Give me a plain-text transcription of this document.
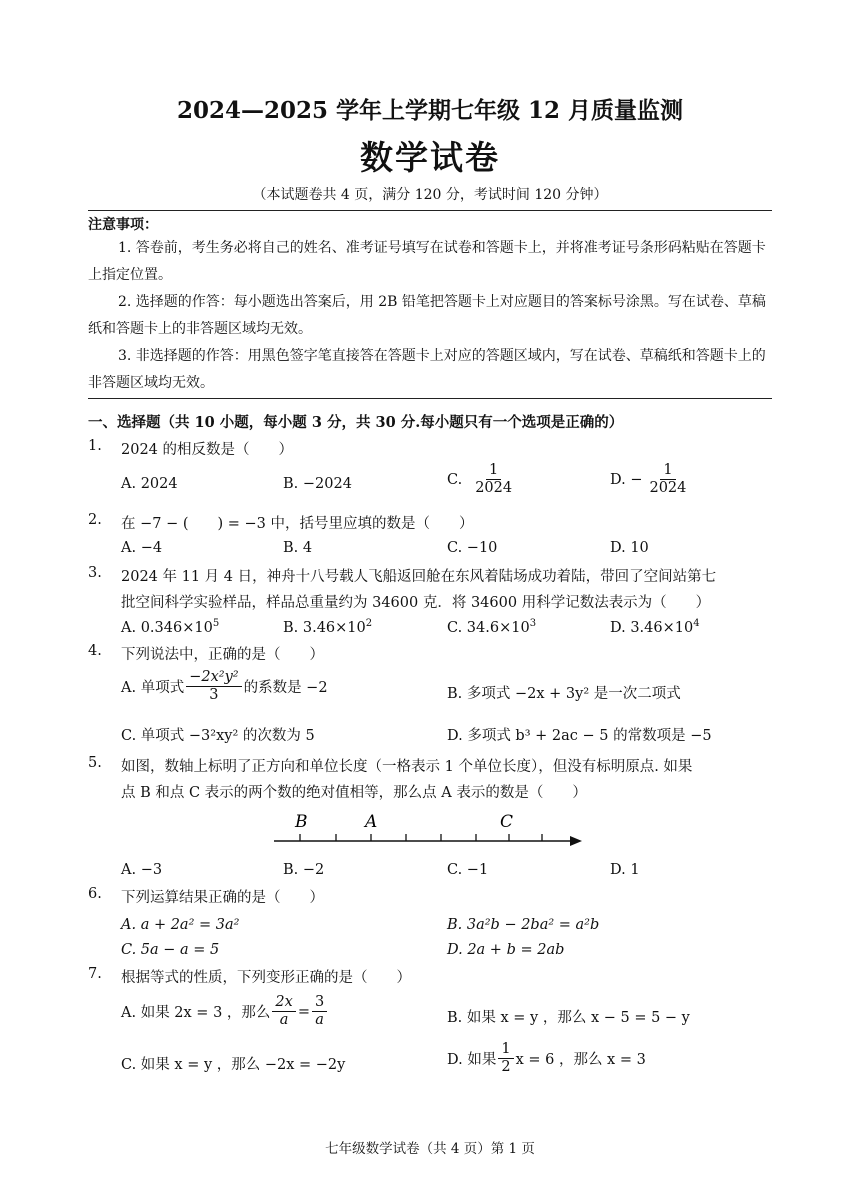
2024—2025 学年上学期七年级 12 月质量监测
数学试卷
（本试题卷共 4 页，满分 120 分，考试时间 120 分钟）
注意事项：
1. 答卷前，考生务必将自己的姓名、准考证号填写在试卷和答题卡上，并将准考证号条形码粘贴在答题卡上指定位置。
2. 选择题的作答：每小题选出答案后，用 2B 铅笔把答题卡上对应题目的答案标号涂黑。写在试卷、草稿纸和答题卡上的非答题区域均无效。
3. 非选择题的作答：用黑色签字笔直接答在答题卡上对应的答题区域内，写在试卷、草稿纸和答题卡上的非答题区域均无效。
一、选择题（共 10 小题，每小题 3 分，共 30 分.每小题只有一个选项是正确的）
1. 2024 的相反数是（　　）
A. 2024	B. −2024	C. $\frac{1}{2024}$	D. − $\frac{1}{2024}$
2. 在 −7 − (　　) = −3 中，括号里应填的数是（　　）
A. −4	B. 4	C. −10	D. 10
3. 2024 年 11 月 4 日，神舟十八号载人飞船返回舱在东风着陆场成功着陆，带回了空间站第七
批空间科学实验样品，样品总重量约为 34600 克．将 34600 用科学记数法表示为（　　）
A. $0.346\times 10^5$	B. $3.46\times 10^2$	C. $34.6\times 10^3$	D. $3.46\times 10^4$
4. 下列说法中，正确的是（　　）
A. 单项式 $\frac{\text{−2x²y²}}{3}$ 的系数是 −2	B. 多项式 −2x + 3y² 是一次二项式
C. 单项式 −3²xy² 的次数为 5	D. 多项式 b³ + 2ac − 5 的常数项是 −5
5. 如图，数轴上标明了正方向和单位长度（一格表示 1 个单位长度），但没有标明原点. 如果
点 B 和点 C 表示的两个数的绝对值相等，那么点 A 表示的数是（　　）
B	A	C
A. −3	B. −2	C. −1	D. 1
6. 下列运算结果正确的是（　　）
A. a + 2a² = 3a²	B. 3a²b − 2ba² = a²b
C. 5a − a = 5	D. 2a + b = 2ab
7. 根据等式的性质，下列变形正确的是（　　）
A. 如果 2x = 3 ，那么 $\frac{2x}{a} = \frac{3}{a}$	B. 如果 x = y ，那么 x − 5 = 5 − y
C. 如果 x = y ，那么 −2x = −2y	D. 如果 $\frac{1}{2}$ x = 6 ，那么 x = 3
七年级数学试卷（共 4 页）第 1 页
